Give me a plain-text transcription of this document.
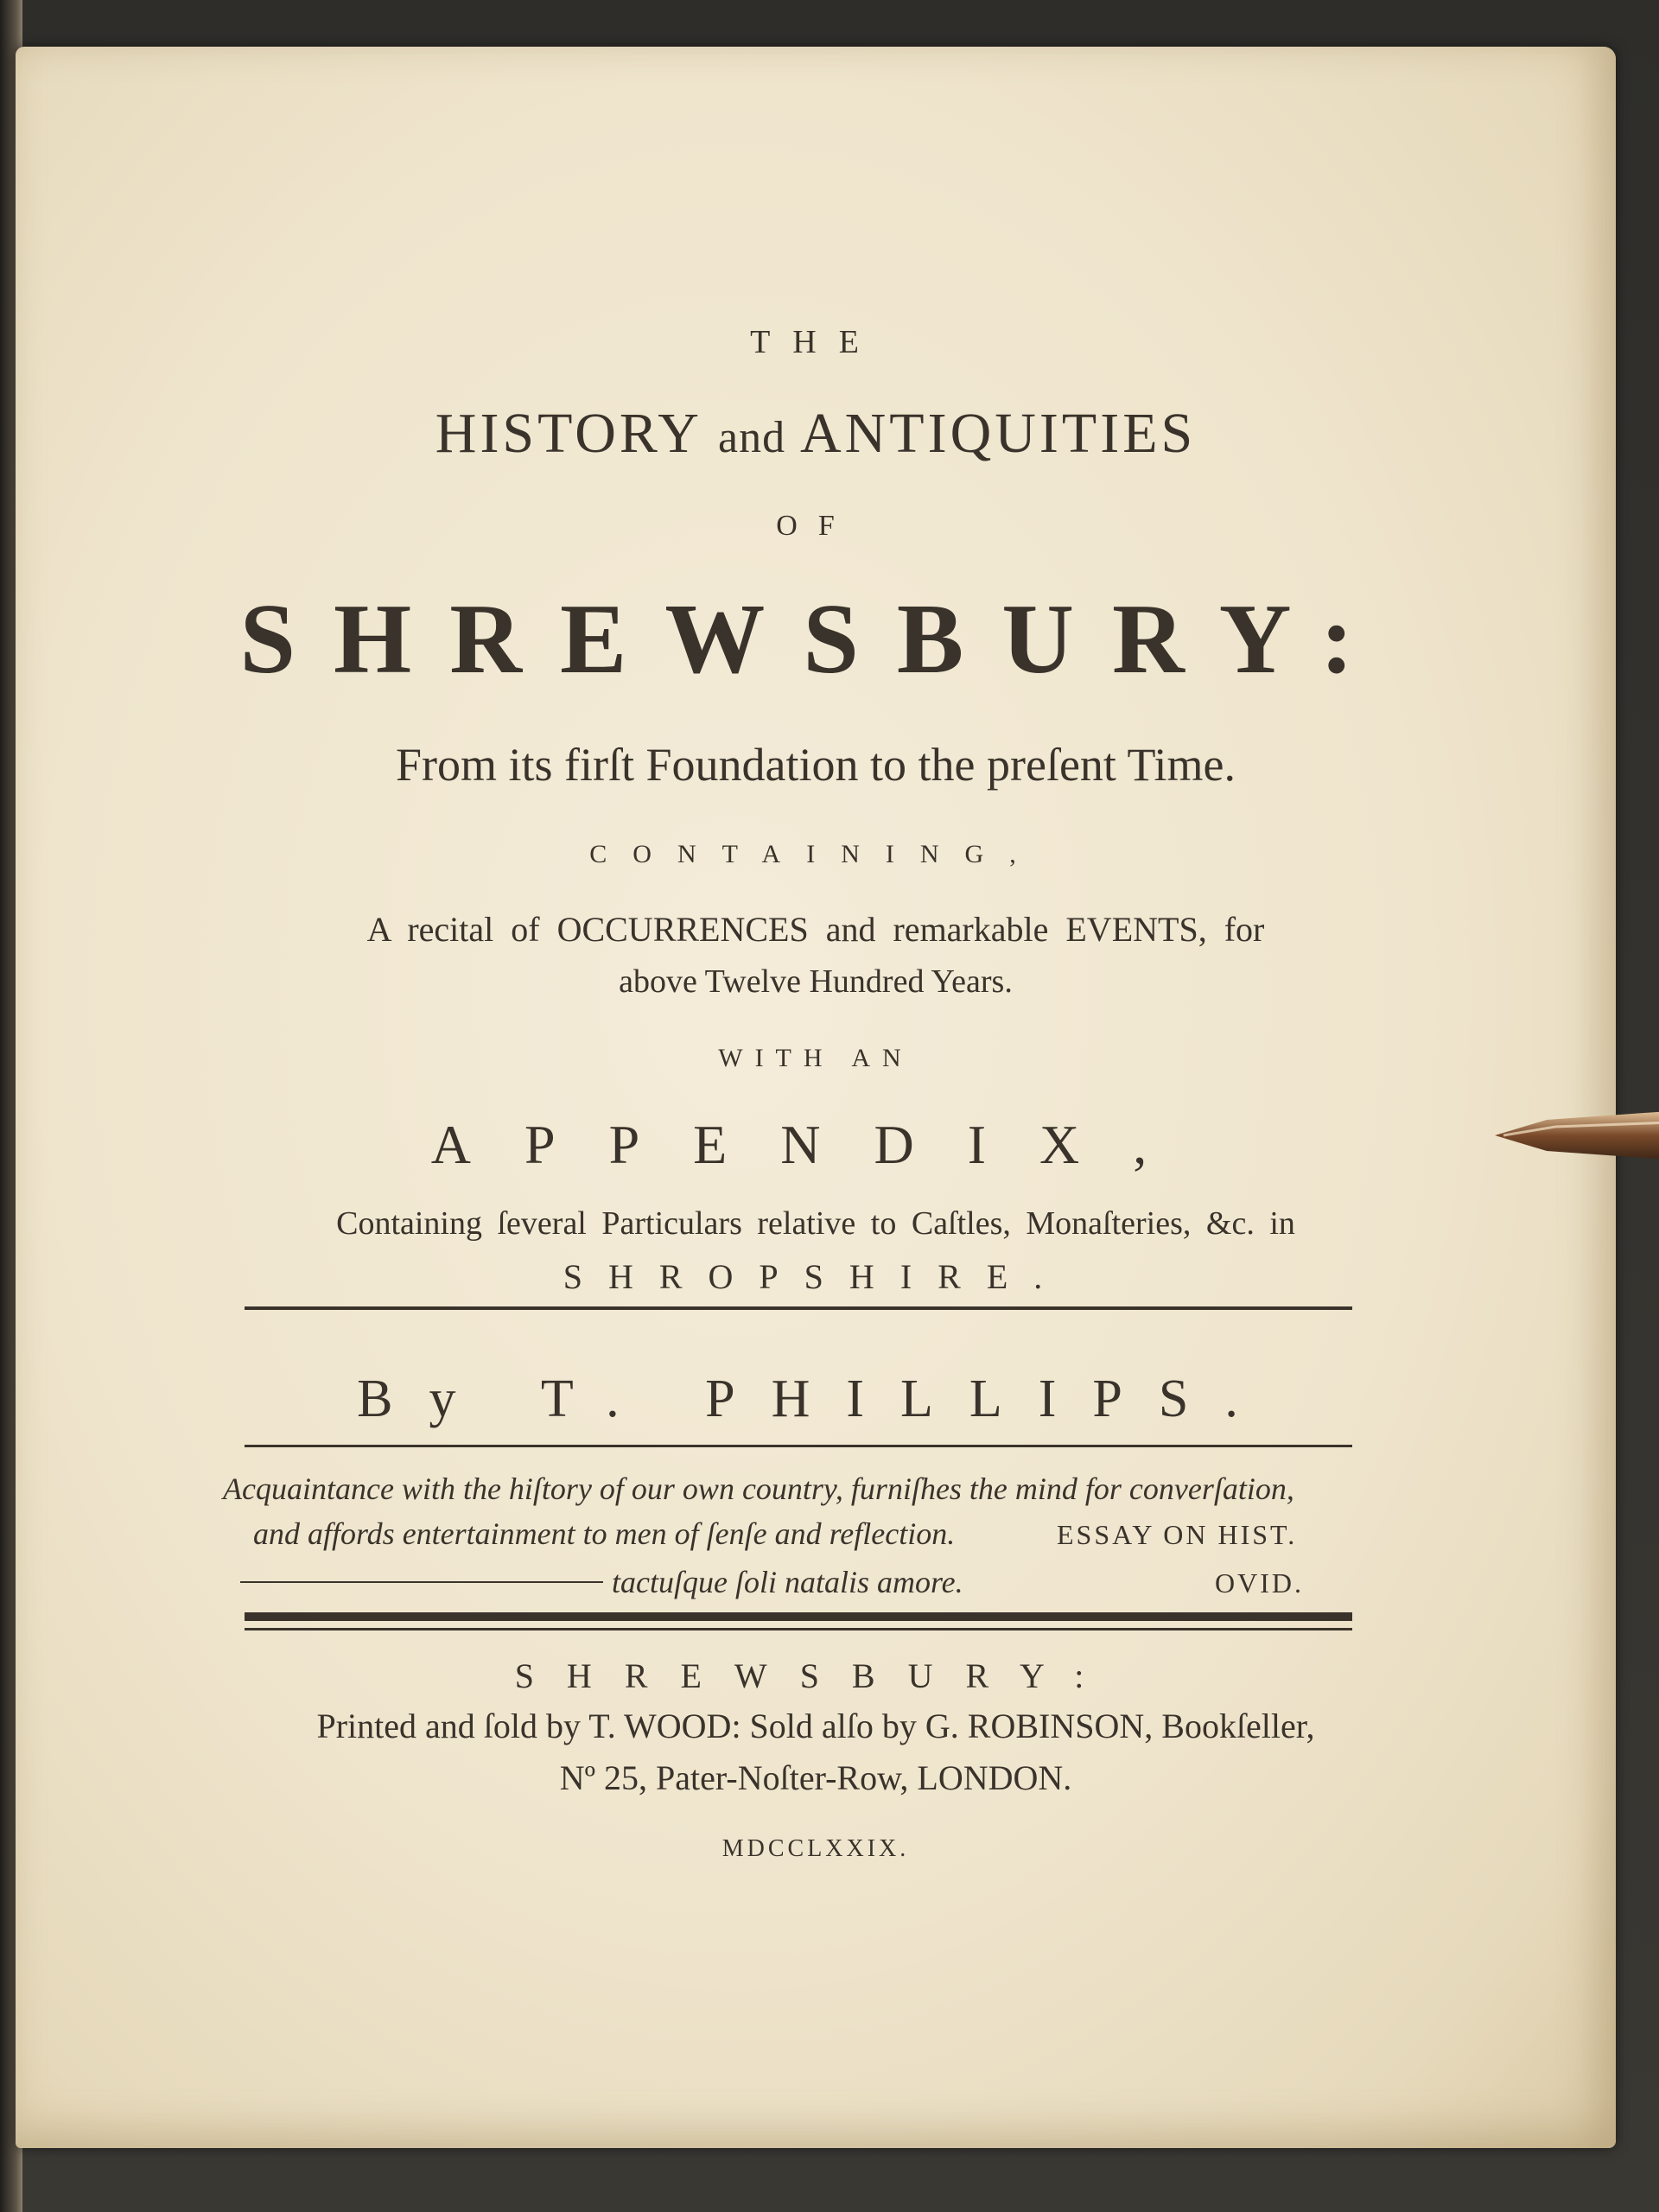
THE
HISTORY and ANTIQUITIES
OF
SHREWSBURY:
From its firſt Foundation to the preſent Time.
CONTAINING,
A recital of OCCURRENCES and remarkable EVENTS, for
above Twelve Hundred Years.
WITH AN
APPENDIX,
Containing ſeveral Particulars relative to Caſtles, Monaſteries, &c. in
SHROPSHIRE.
By T. PHILLIPS.
Acquaintance with the hiſtory of our own country, furniſhes the mind for converſation,
and affords entertainment to men of ſenſe and reflection.	ESSAY ON HIST.
tactuſque ſoli natalis amore.	OVID.
SHREWSBURY:
Printed and ſold by T. WOOD: Sold alſo by G. ROBINSON, Bookſeller,
Nº 25, Pater-Noſter-Row, LONDON.
MDCCLXXIX.
